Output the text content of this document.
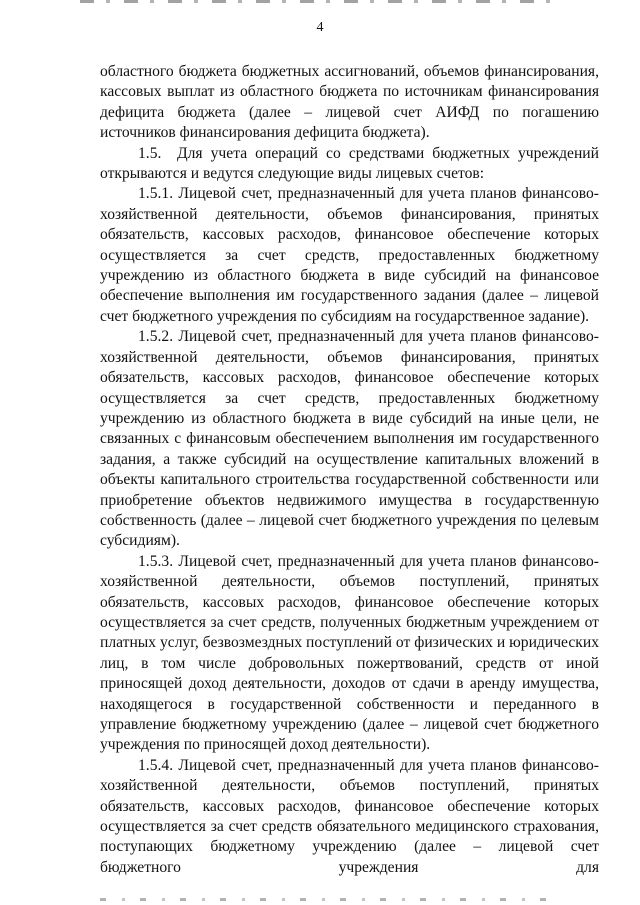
4

областного бюджета бюджетных ассигнований, объемов финансирования, кассовых выплат из областного бюджета по источникам финансирования дефицита бюджета (далее – лицевой счет АИФД по погашению источников финансирования дефицита бюджета).

1.5. Для учета операций со средствами бюджетных учреждений открываются и ведутся следующие виды лицевых счетов:

1.5.1. Лицевой счет, предназначенный для учета планов финансово-хозяйственной деятельности, объемов финансирования, принятых обязательств, кассовых расходов, финансовое обеспечение которых осуществляется за счет средств, предоставленных бюджетному учреждению из областного бюджета в виде субсидий на финансовое обеспечение выполнения им государственного задания (далее – лицевой счет бюджетного учреждения по субсидиям на государственное задание).

1.5.2. Лицевой счет, предназначенный для учета планов финансово-хозяйственной деятельности, объемов финансирования, принятых обязательств, кассовых расходов, финансовое обеспечение которых осуществляется за счет средств, предоставленных бюджетному учреждению из областного бюджета в виде субсидий на иные цели, не связанных с финансовым обеспечением выполнения им государственного задания, а также субсидий на осуществление капитальных вложений в объекты капитального строительства государственной собственности или приобретение объектов недвижимого имущества в государственную собственность (далее – лицевой счет бюджетного учреждения по целевым субсидиям).

1.5.3. Лицевой счет, предназначенный для учета планов финансово-хозяйственной деятельности, объемов поступлений, принятых обязательств, кассовых расходов, финансовое обеспечение которых осуществляется за счет средств, полученных бюджетным учреждением от платных услуг, безвозмездных поступлений от физических и юридических лиц, в том числе добровольных пожертвований, средств от иной приносящей доход деятельности, доходов от сдачи в аренду имущества, находящегося в государственной собственности и переданного в управление бюджетному учреждению (далее – лицевой счет бюджетного учреждения по приносящей доход деятельности).

1.5.4. Лицевой счет, предназначенный для учета планов финансово-хозяйственной деятельности, объемов поступлений, принятых обязательств, кассовых расходов, финансовое обеспечение которых осуществляется за счет средств обязательного медицинского страхования, поступающих бюджетному учреждению (далее – лицевой счет бюджетного учреждения для
